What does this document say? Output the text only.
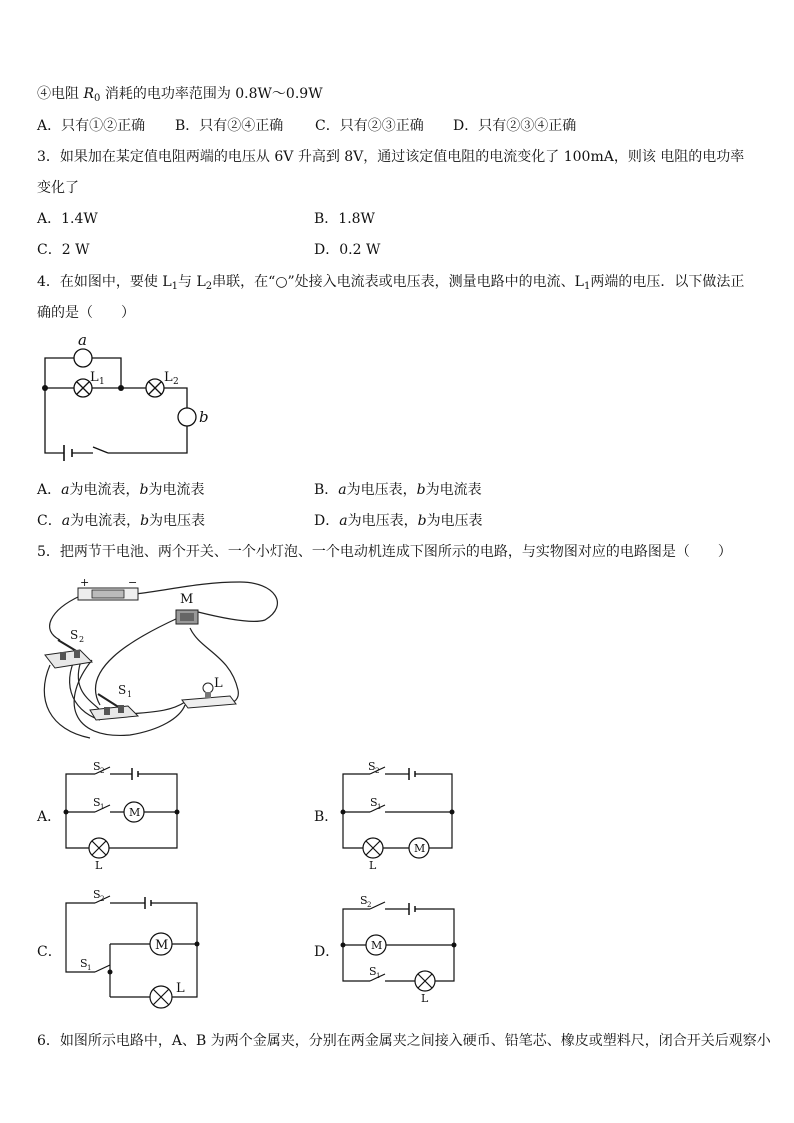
④电阻 $R_0$ 消耗的电功率范围为 0.8W～0.9W
A．只有①②正确 B．只有②④正确 C．只有②③正确 D．只有②③④正确
3．如果加在某定值电阻两端的电压从 6V 升高到 8V，通过该定值电阻的电流变化了 100mA，则该 电阻的电功率
变化了
A．1.4W	B．1.8W
C．2 W	D．0.2 W
4．在如图中，要使 $L_1$与 $L_2$串联，在“○”处接入电流表或电压表，测量电路中的电流、$L_1$两端的电压．以下做法正
确的是（　　）
a
L 1	L 2
b
A．a为电流表，b为电流表	B．a为电压表，b为电流表
C．a为电流表，b为电压表	D．a为电压表，b为电压表
5．把两节干电池、两个开关、一个小灯泡、一个电动机连成下图所示的电路，与实物图对应的电路图是（　　）
+	−
M
S 2
S 1
L
A．	B．
C．	D．
S 2
S 1 M
L
S 2
S 1
L
M
S 2
S 1
M
L
S 2
S 1
M
L
6．如图所示电路中，A、B 为两个金属夹，分别在两金属夹之间接入硬币、铅笔芯、橡皮或塑料尺，闭合开关后观察小
